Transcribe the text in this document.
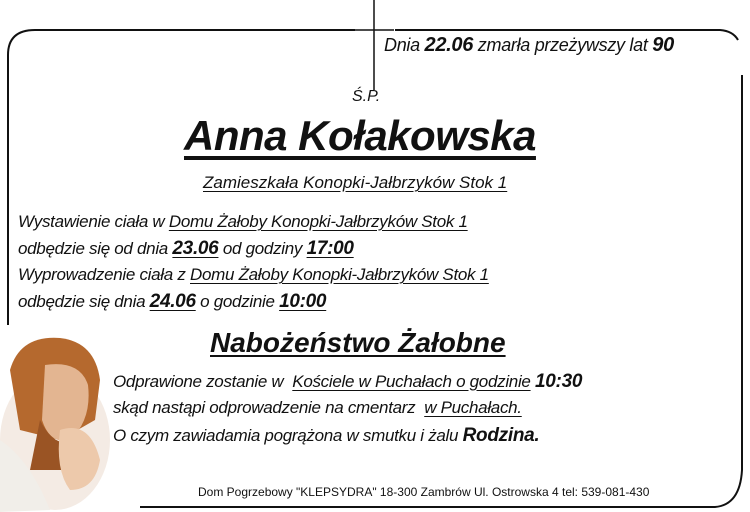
Dnia 22.06 zmarła przeżywszy lat 90
Ś.P.
Anna Kołakowska
Zamieszkała Konopki-Jałbrzyków Stok 1
Wystawienie ciała w Domu Żałoby Konopki-Jałbrzyków Stok 1
odbędzie się od dnia 23.06 od godziny 17:00
Wyprowadzenie ciała z Domu Żałoby Konopki-Jałbrzyków Stok 1
odbędzie się dnia 24.06 o godzinie 10:00
Nabożeństwo Żałobne
Odprawione zostanie w Kościele w Puchałach o godzinie 10:30
skąd nastąpi odprowadzenie na cmentarz w Puchałach.
O czym zawiadamia pogrążona w smutku i żalu Rodzina.
Dom Pogrzebowy "KLEPSYDRA" 18-300 Zambrów Ul. Ostrowska 4 tel: 539-081-430
